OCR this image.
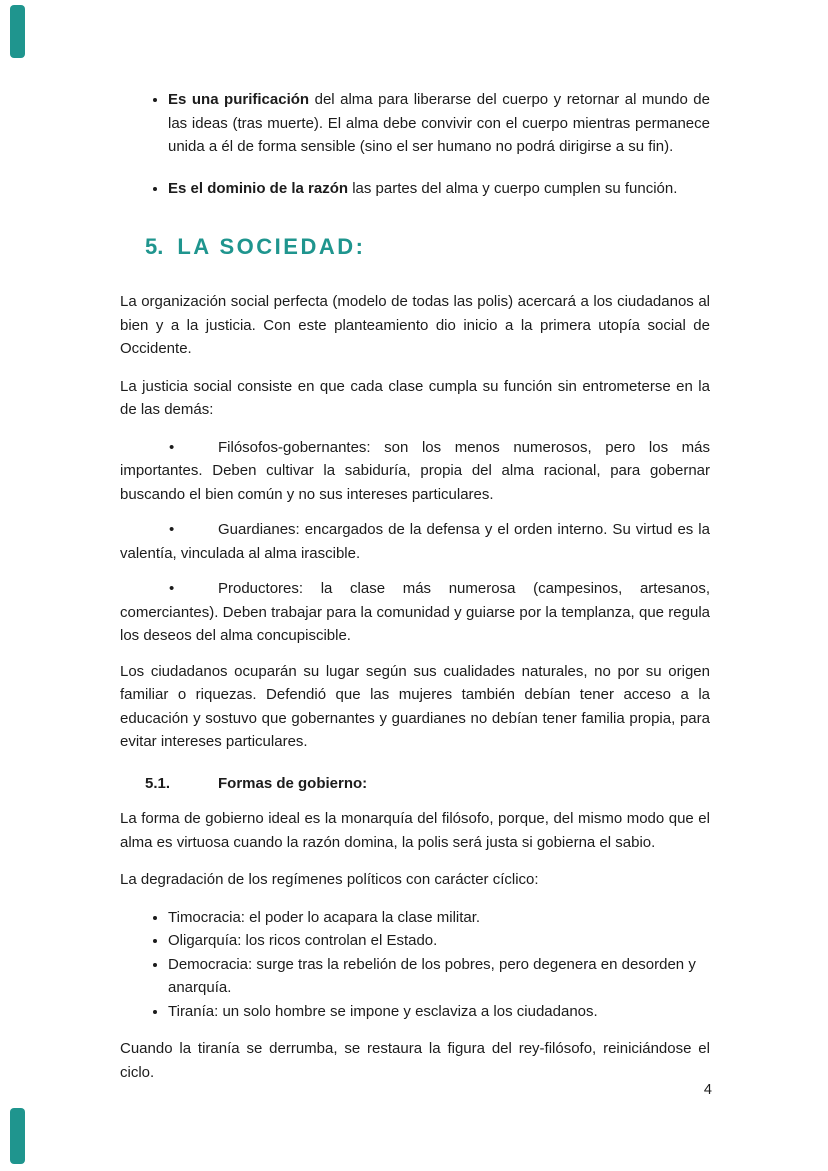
• Es una purificación del alma para liberarse del cuerpo y retornar al mundo de las ideas (tras muerte). El alma debe convivir con el cuerpo mientras permanece unida a él de forma sensible (sino el ser humano no podrá dirigirse a su fin).
• Es el dominio de la razón las partes del alma y cuerpo cumplen su función.
5. LA SOCIEDAD:

La organización social perfecta (modelo de todas las polis) acercará a los ciudadanos al bien y a la justicia. Con este planteamiento dio inicio a la primera utopía social de Occidente.

La justicia social consiste en que cada clase cumpla su función sin entrometerse en la de las demás:

•	Filósofos-gobernantes: son los menos numerosos, pero los más importantes. Deben cultivar la sabiduría, propia del alma racional, para gobernar buscando el bien común y no sus intereses particulares.

•	Guardianes: encargados de la defensa y el orden interno. Su virtud es la valentía, vinculada al alma irascible.

•	Productores: la clase más numerosa (campesinos, artesanos, comerciantes). Deben trabajar para la comunidad y guiarse por la templanza, que regula los deseos del alma concupiscible.

Los ciudadanos ocuparán su lugar según sus cualidades naturales, no por su origen familiar o riquezas. Defendió que las mujeres también debían tener acceso a la educación y sostuvo que gobernantes y guardianes no debían tener familia propia, para evitar intereses particulares.

5.1.	Formas de gobierno:

La forma de gobierno ideal es la monarquía del filósofo, porque, del mismo modo que el alma es virtuosa cuando la razón domina, la polis será justa si gobierna el sabio.

La degradación de los regímenes políticos con carácter cíclico:

• Timocracia: el poder lo acapara la clase militar.
• Oligarquía: los ricos controlan el Estado.
• Democracia: surge tras la rebelión de los pobres, pero degenera en desorden y anarquía.
• Tiranía: un solo hombre se impone y esclaviza a los ciudadanos.

Cuando la tiranía se derrumba, se restaura la figura del rey-filósofo, reiniciándose el ciclo.

4
